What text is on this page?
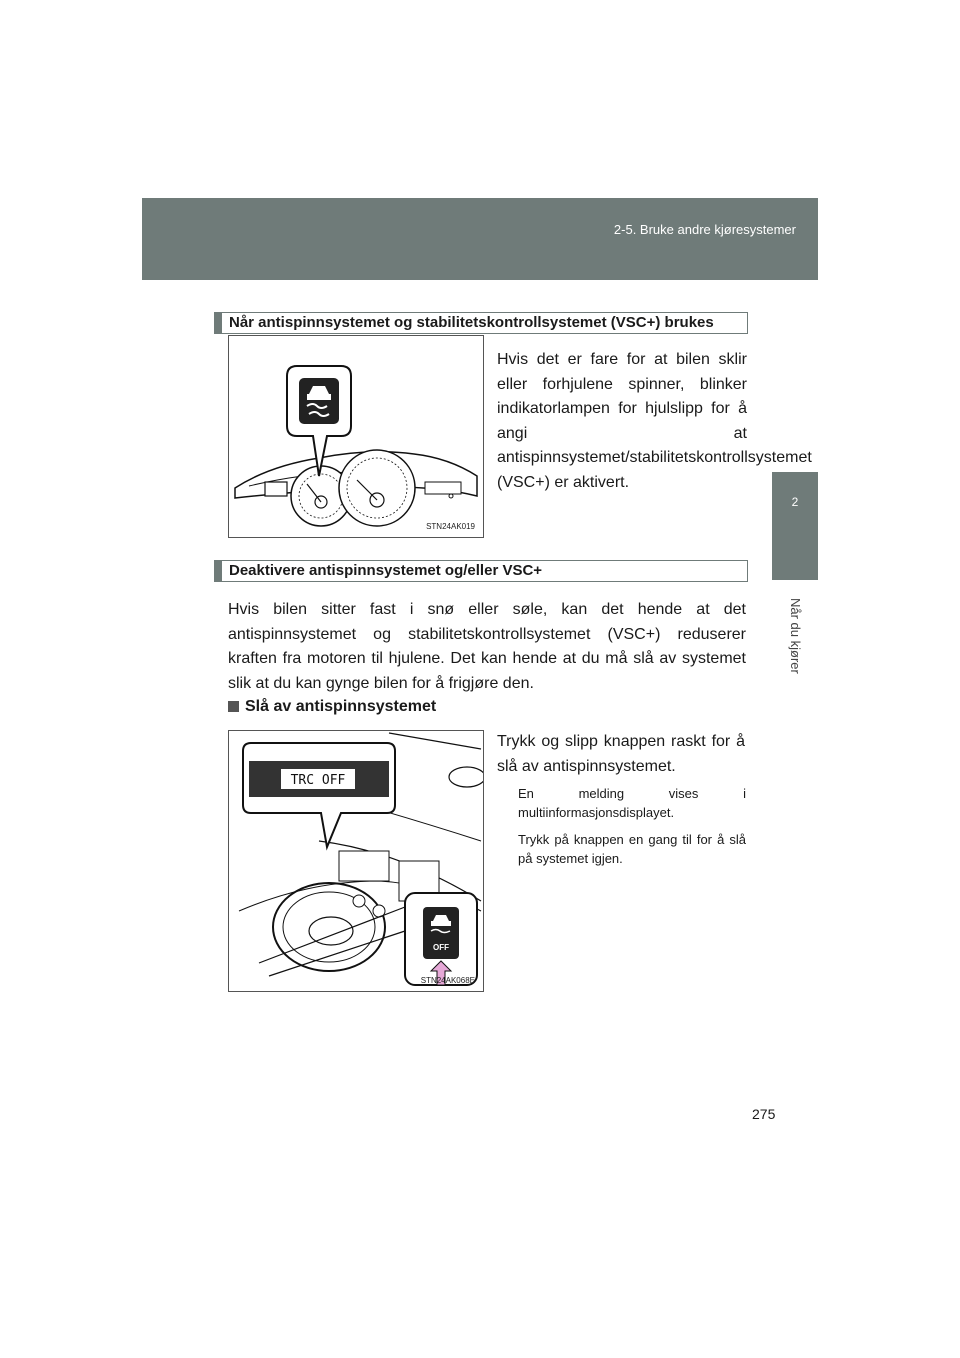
2-5. Bruke andre kjøresystemer
2
Når du kjører
Når antispinnsystemet og stabilitetskontrollsystemet (VSC+) brukes
STN24AK019
Hvis det er fare for at bilen sklir eller forhjulene spinner, blinker indikatorlampen for hjulslipp for å angi at antispinnsystemet/stabilitetskontrollsystemet (VSC+) er aktivert.
Deaktivere antispinnsystemet og/eller VSC+
Hvis bilen sitter fast i snø eller søle, kan det hende at det antispinnsystemet og stabilitetskontrollsystemet (VSC+) reduserer kraften fra motoren til hjulene. Det kan hende at du må slå av systemet slik at du kan gynge bilen for å frigjøre den.
Slå av antispinnsystemet
TRC OFF
OFF
STN24AK068E
Trykk og slipp knappen raskt for å slå av antispinnsystemet.
En melding vises i multiinformasjonsdisplayet.
Trykk på knappen en gang til for å slå på systemet igjen.
275
